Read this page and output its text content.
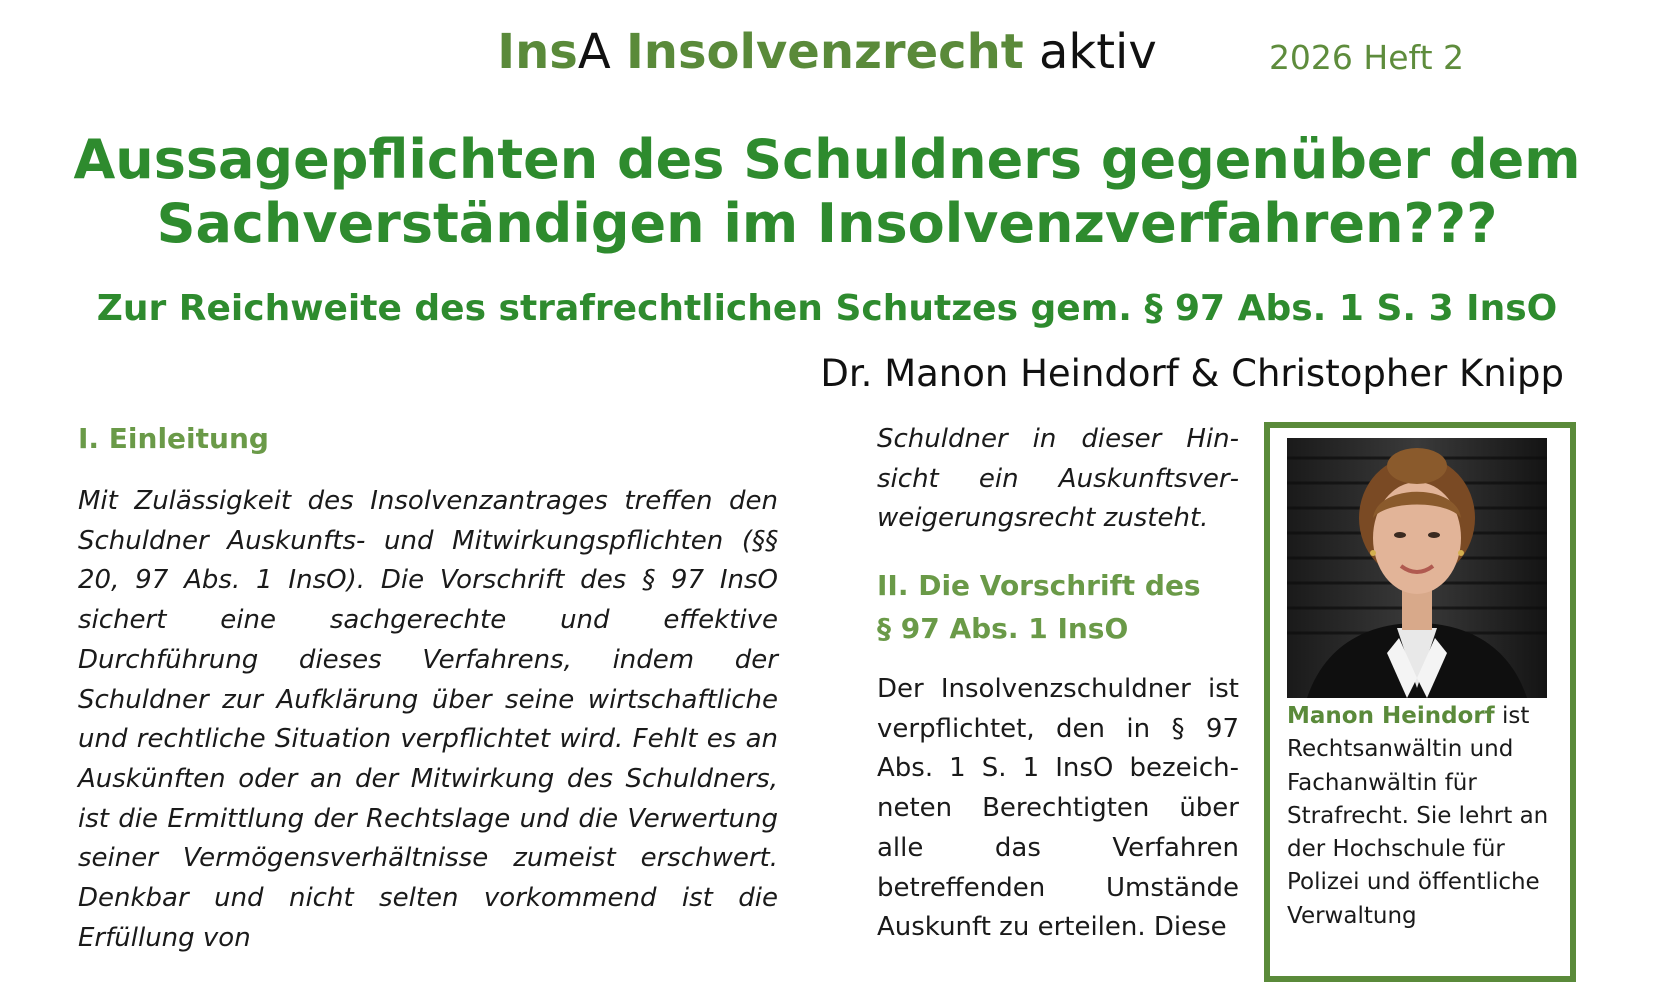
InsA Insolvenzrecht aktiv	2026 Heft 2
Aussagepflichten des Schuldners gegenüber dem
Sachverständigen im Insolvenzverfahren???
Zur Reichweite des strafrechtlichen Schutzes gem. § 97 Abs. 1 S. 3 InsO
Dr. Manon Heindorf & Christopher Knipp
I. Einleitung
Mit Zulässigkeit des Insolvenzantrages treffen den Schuldner Auskunfts- und Mitwirkungspflichten (§§ 20, 97 Abs. 1 InsO). Die Vorschrift des § 97 InsO sichert eine sachgerechte und effektive Durchführung dieses Verfahrens, indem der Schuldner zur Aufklärung über seine wirtschaftliche und rechtliche Situation verpflichtet wird. Fehlt es an Auskünften oder an der Mitwirkung des Schuldners, ist die Ermittlung der Rechtslage und die Verwertung seiner Vermögensverhältnisse zumeist erschwert. Denkbar und nicht selten vorkommend ist die Erfüllung von
Schuldner in dieser Hinsicht ein Auskunftsverweigerungsrecht zusteht.
II. Die Vorschrift des
§ 97 Abs. 1 InsO
Der Insolvenzschuldner ist verpflichtet, den in § 97 Abs. 1 S. 1 InsO bezeichneten Berechtigten über alle das Verfahren betreffenden Umstände Auskunft zu erteilen. Diese
Manon Heindorf ist Rechtsanwältin und Fachanwältin für Strafrecht. Sie lehrt an der Hochschule für Polizei und öffentliche Verwaltung
